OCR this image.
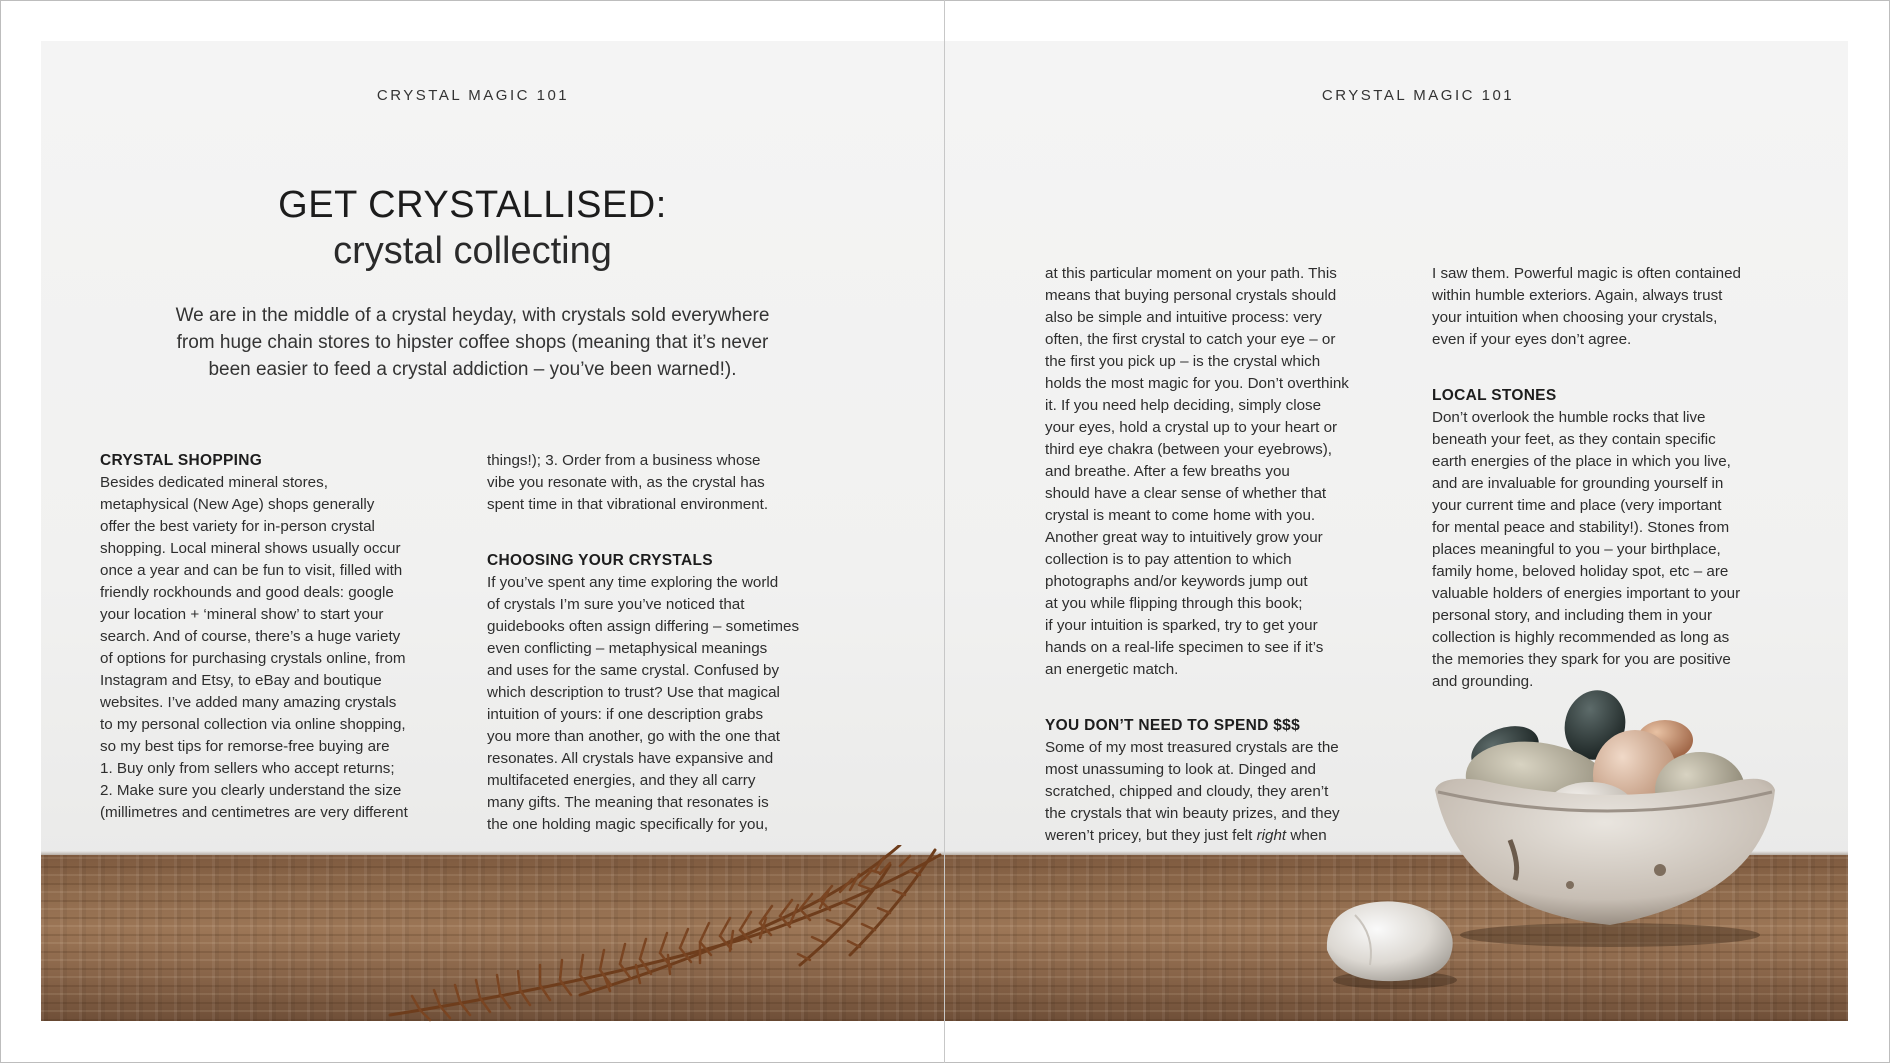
CRYSTAL MAGIC 101
GET CRYSTALLISED:
crystal collecting
We are in the middle of a crystal heyday, with crystals sold everywhere
from huge chain stores to hipster coffee shops (meaning that it’s never
been easier to feed a crystal addiction – you’ve been warned!).

CRYSTAL SHOPPING
Besides dedicated mineral stores,
metaphysical (New Age) shops generally
offer the best variety for in-person crystal
shopping. Local mineral shows usually occur
once a year and can be fun to visit, filled with
friendly rockhounds and good deals: google
your location + ‘mineral show’ to start your
search. And of course, there’s a huge variety
of options for purchasing crystals online, from
Instagram and Etsy, to eBay and boutique
websites. I’ve added many amazing crystals
to my personal collection via online shopping,
so my best tips for remorse-free buying are
1. Buy only from sellers who accept returns;
2. Make sure you clearly understand the size
(millimetres and centimetres are very different

things!); 3. Order from a business whose
vibe you resonate with, as the crystal has
spent time in that vibrational environment.

CHOOSING YOUR CRYSTALS
If you’ve spent any time exploring the world
of crystals I’m sure you’ve noticed that
guidebooks often assign differing – sometimes
even conflicting – metaphysical meanings
and uses for the same crystal. Confused by
which description to trust? Use that magical
intuition of yours: if one description grabs
you more than another, go with the one that
resonates. All crystals have expansive and
multifaceted energies, and they all carry
many gifts. The meaning that resonates is
the one holding magic specifically for you,

CRYSTAL MAGIC 101

at this particular moment on your path. This
means that buying personal crystals should
also be simple and intuitive process: very
often, the first crystal to catch your eye – or
the first you pick up – is the crystal which
holds the most magic for you. Don’t overthink
it. If you need help deciding, simply close
your eyes, hold a crystal up to your heart or
third eye chakra (between your eyebrows),
and breathe. After a few breaths you
should have a clear sense of whether that
crystal is meant to come home with you.
Another great way to intuitively grow your
collection is to pay attention to which
photographs and/or keywords jump out
at you while flipping through this book;
if your intuition is sparked, try to get your
hands on a real-life specimen to see if it’s
an energetic match.

YOU DON’T NEED TO SPEND $$$
Some of my most treasured crystals are the
most unassuming to look at. Dinged and
scratched, chipped and cloudy, they aren’t
the crystals that win beauty prizes, and they
weren’t pricey, but they just felt right when

I saw them. Powerful magic is often contained
within humble exteriors. Again, always trust
your intuition when choosing your crystals,
even if your eyes don’t agree.

LOCAL STONES
Don’t overlook the humble rocks that live
beneath your feet, as they contain specific
earth energies of the place in which you live,
and are invaluable for grounding yourself in
your current time and place (very important
for mental peace and stability!). Stones from
places meaningful to you – your birthplace,
family home, beloved holiday spot, etc – are
valuable holders of energies important to your
personal story, and including them in your
collection is highly recommended as long as
the memories they spark for you are positive
and grounding.
